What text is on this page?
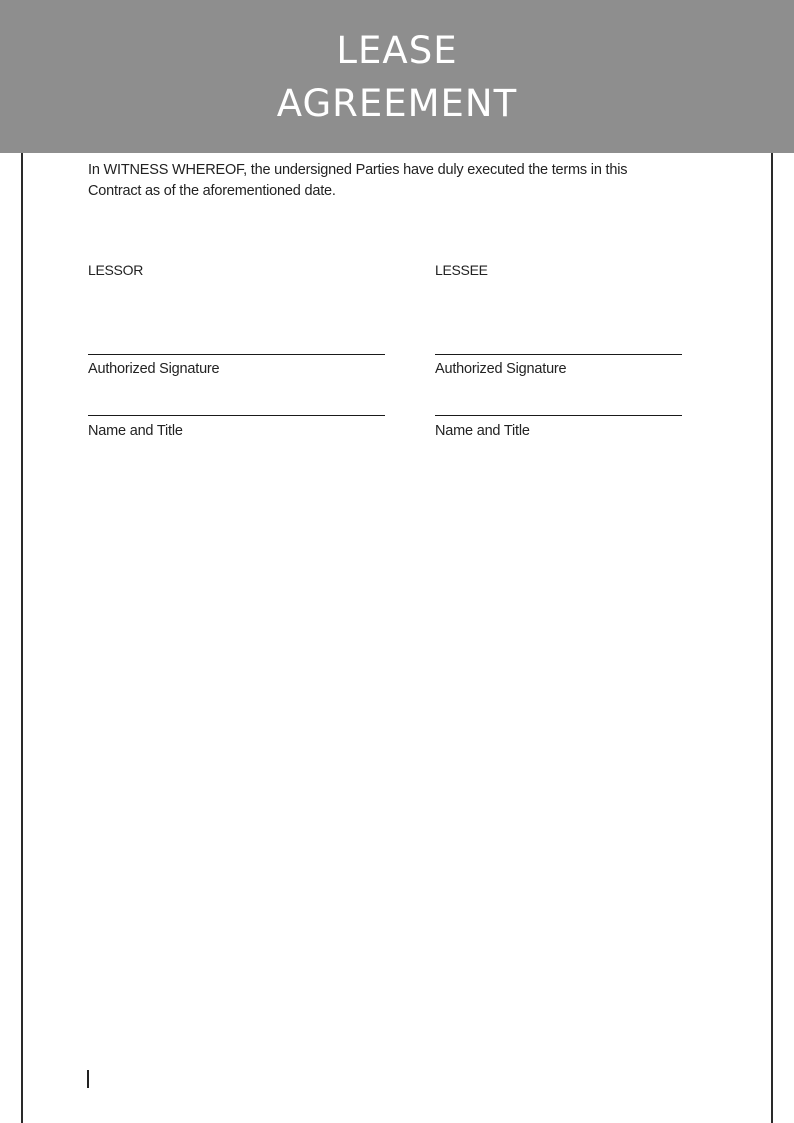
LEASE
AGREEMENT

In WITNESS WHEREOF, the undersigned Parties have duly executed the terms in this
Contract as of the aforementioned date.

LESSOR
Authorized Signature
Name and Title
LESSEE
Authorized Signature
Name and Title
